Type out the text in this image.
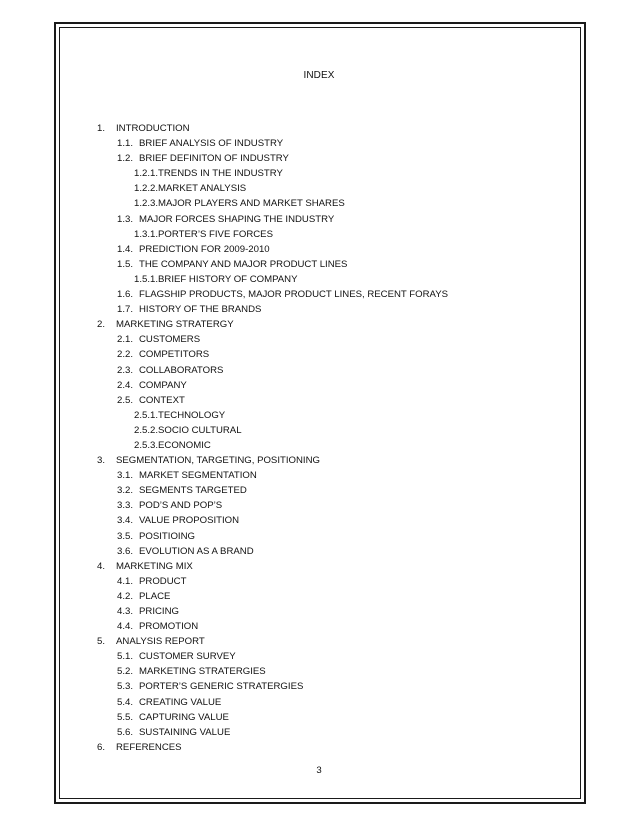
INDEX
1.	INTRODUCTION
1.1. BRIEF ANALYSIS OF INDUSTRY
1.2. BRIEF DEFINITON OF INDUSTRY
1.2.1. TRENDS IN THE INDUSTRY
1.2.2. MARKET ANALYSIS
1.2.3. MAJOR PLAYERS AND MARKET SHARES
1.3. MAJOR FORCES SHAPING THE INDUSTRY
1.3.1. PORTER’S FIVE FORCES
1.4. PREDICTION FOR 2009-2010
1.5. THE COMPANY AND MAJOR PRODUCT LINES
1.5.1. BRIEF HISTORY OF COMPANY
1.6. FLAGSHIP PRODUCTS, MAJOR PRODUCT LINES, RECENT FORAYS
1.7. HISTORY OF THE BRANDS
2.	MARKETING STRATERGY
2.1. CUSTOMERS
2.2. COMPETITORS
2.3. COLLABORATORS
2.4. COMPANY
2.5. CONTEXT
2.5.1. TECHNOLOGY
2.5.2. SOCIO CULTURAL
2.5.3. ECONOMIC
3.	SEGMENTATION, TARGETING, POSITIONING
3.1. MARKET SEGMENTATION
3.2. SEGMENTS TARGETED
3.3. POD’S AND POP’S
3.4. VALUE PROPOSITION
3.5. POSITIOING
3.6. EVOLUTION AS A BRAND
4.	MARKETING MIX
4.1. PRODUCT
4.2. PLACE
4.3. PRICING
4.4. PROMOTION
5.	ANALYSIS REPORT
5.1. CUSTOMER SURVEY
5.2. MARKETING STRATERGIES
5.3. PORTER’S GENERIC STRATERGIES
5.4. CREATING VALUE
5.5. CAPTURING VALUE
5.6. SUSTAINING VALUE
6.	REFERENCES
3
